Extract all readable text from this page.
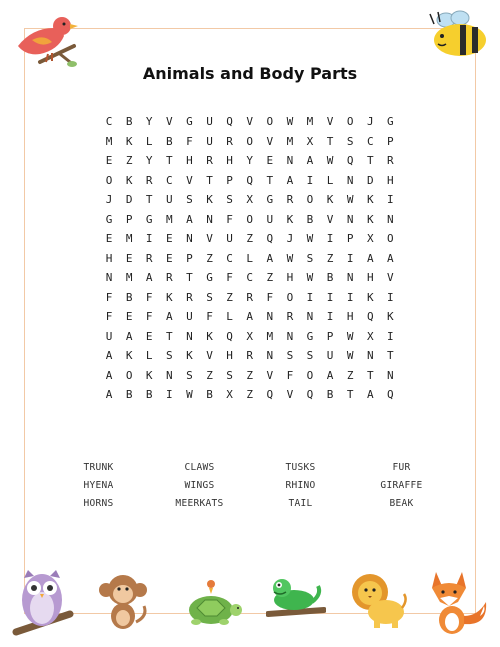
Animals and Body Parts
C	B	Y	V	G	U	Q	V	O	W	M	V	O	J	G
M	K	L	B	F	U	R	O	V	M	X	T	S	C	P
E	Z	Y	T	H	R	H	Y	E	N	A	W	Q	T	R
O	K	R	C	V	T	P	Q	T	A	I	L	N	D	H
J	D	T	U	S	K	S	X	G	R	O	K	W	K	I
G	P	G	M	A	N	F	O	U	K	B	V	N	K	N
E	M	I	E	N	V	U	Z	Q	J	W	I	P	X	O
H	E	R	E	P	Z	C	L	A	W	S	Z	I	A	A
N	M	A	R	T	G	F	C	Z	H	W	B	N	H	V
F	B	F	K	R	S	Z	R	F	O	I	I	I	K	I
F	E	F	A	U	F	L	A	N	R	N	I	H	Q	K
U	A	E	T	N	K	Q	X	M	N	G	P	W	X	I
A	K	L	S	K	V	H	R	N	S	S	U	W	N	T
A	O	K	N	S	Z	S	Z	V	F	O	A	Z	T	N
A	B	B	I	W	B	X	Z	Q	V	Q	B	T	A	Q
TRUNK	CLAWS	TUSKS	FUR
HYENA	WINGS	RHINO	GIRAFFE
HORNS	MEERKATS	TAIL	BEAK
